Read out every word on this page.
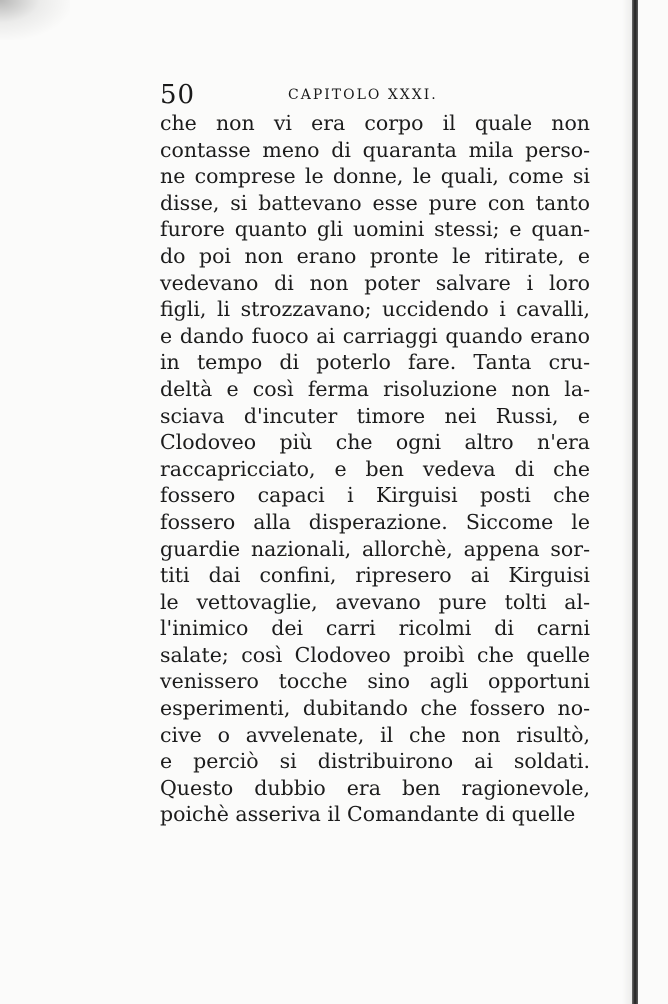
50	CAPITOLO XXXI.
che non vi era corpo il quale non
contasse meno di quaranta mila perso-
ne comprese le donne, le quali, come si
disse, si battevano esse pure con tanto
furore quanto gli uomini stessi; e quan-
do poi non erano pronte le ritirate, e
vedevano di non poter salvare i loro
figli, li strozzavano; uccidendo i cavalli,
e dando fuoco ai carriaggi quando erano
in tempo di poterlo fare. Tanta cru-
deltà e così ferma risoluzione non la-
sciava d'incuter timore nei Russi, e
Clodoveo più che ogni altro n'era
raccapricciato, e ben vedeva di che
fossero capaci i Kirguisi posti che
fossero alla disperazione. Siccome le
guardie nazionali, allorchè, appena sor-
titi dai confini, ripresero ai Kirguisi
le vettovaglie, avevano pure tolti al-
l'inimico dei carri ricolmi di carni
salate; così Clodoveo proibì che quelle
venissero tocche sino agli opportuni
esperimenti, dubitando che fossero no-
cive o avvelenate, il che non risultò,
e perciò si distribuirono ai soldati.
Questo dubbio era ben ragionevole,
poichè asseriva il Comandante di quelle
